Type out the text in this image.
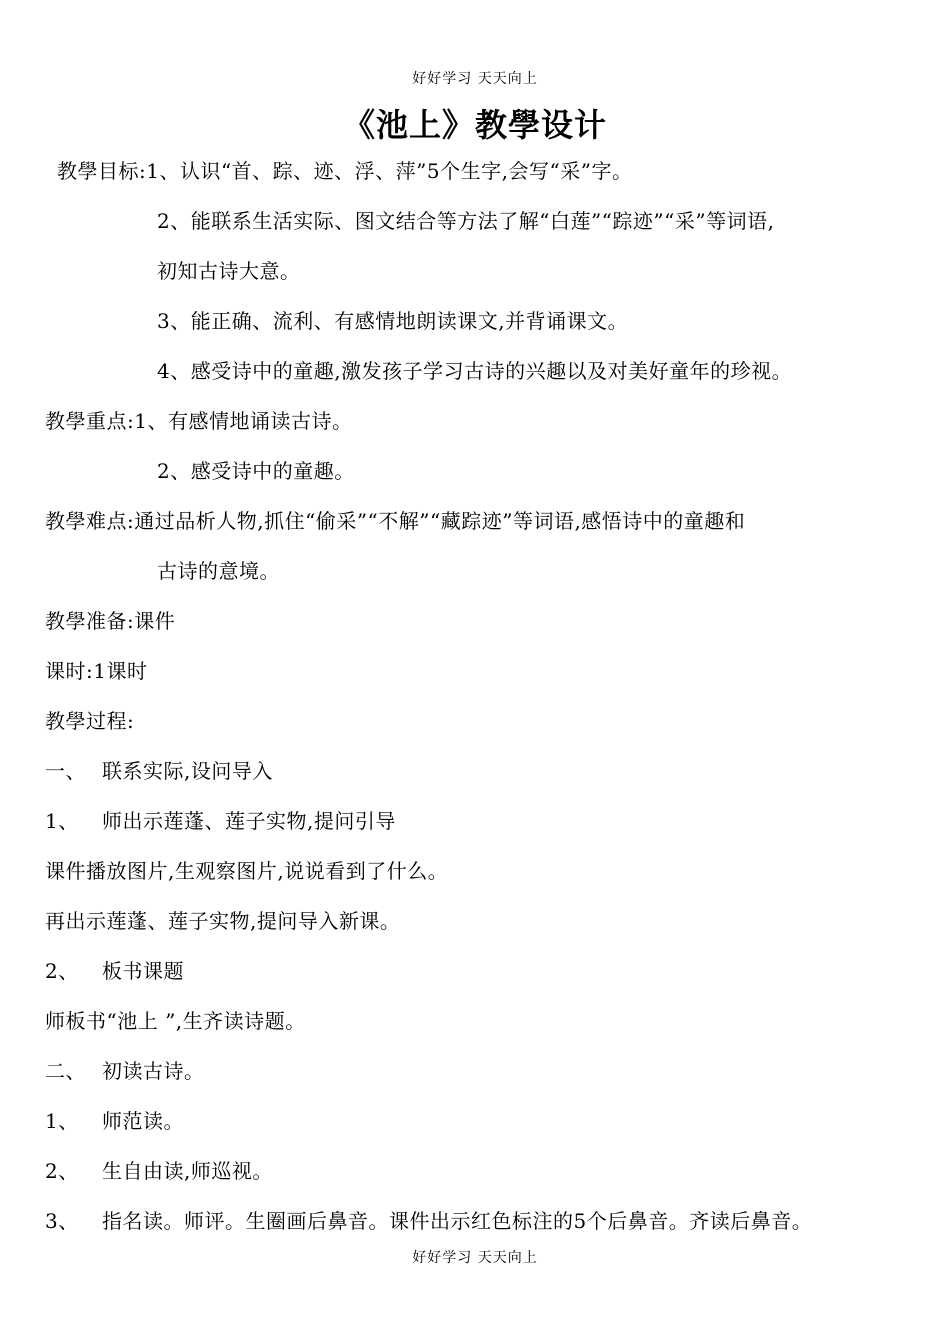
好好学习 天天向上
《池上》教學设计
教學目标:1、认识“首、踪、迹、浮、萍”5个生字,会写“采”字。
2、能联系生活实际、图文结合等方法了解“白莲”“踪迹”“采”等词语,
初知古诗大意。
3、能正确、流利、有感情地朗读课文,并背诵课文。
4、感受诗中的童趣,激发孩子学习古诗的兴趣以及对美好童年的珍视。
教學重点:1、有感情地诵读古诗。
2、感受诗中的童趣。
教學难点:通过品析人物,抓住“偷采”“不解”“藏踪迹”等词语,感悟诗中的童趣和
古诗的意境。
教學准备:课件
课时:1课时
教學过程:
一、 联系实际,设问导入
1、 师出示莲蓬、莲子实物,提问引导
课件播放图片,生观察图片,说说看到了什么。
再出示莲蓬、莲子实物,提问导入新课。
2、 板书课题
师板书“池上 ”,生齐读诗题。
二、 初读古诗。
1、 师范读。
2、 生自由读,师巡视。
3、 指名读。师评。生圈画后鼻音。课件出示红色标注的5个后鼻音。齐读后鼻音。
好好学习 天天向上
